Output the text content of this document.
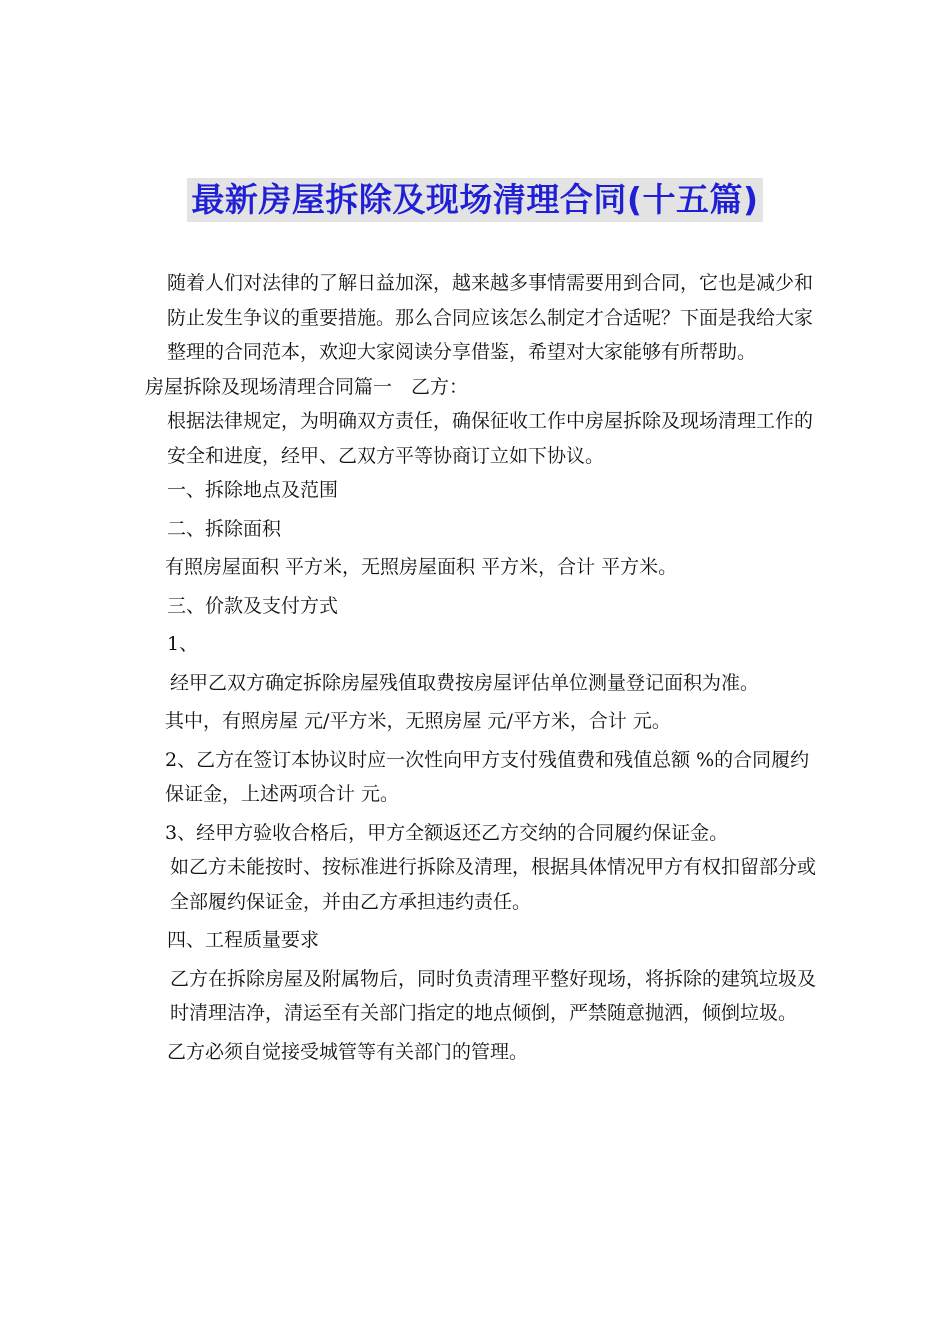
最新房屋拆除及现场清理合同(十五篇)

随着人们对法律的了解日益加深，越来越多事情需要用到合同，它也是减少和防止发生争议的重要措施。那么合同应该怎么制定才合适呢？下面是我给大家整理的合同范本，欢迎大家阅读分享借鉴，希望对大家能够有所帮助。

房屋拆除及现场清理合同篇一　乙方：

根据法律规定，为明确双方责任，确保征收工作中房屋拆除及现场清理工作的安全和进度，经甲、乙双方平等协商订立如下协议。

一、拆除地点及范围

二、拆除面积

有照房屋面积 平方米，无照房屋面积 平方米，合计 平方米。

三、价款及支付方式

1、

经甲乙双方确定拆除房屋残值取费按房屋评估单位测量登记面积为准。

其中，有照房屋 元/平方米，无照房屋 元/平方米，合计 元。

2、乙方在签订本协议时应一次性向甲方支付残值费和残值总额 %的合同履约保证金，上述两项合计 元。

3、经甲方验收合格后，甲方全额返还乙方交纳的合同履约保证金。

如乙方未能按时、按标准进行拆除及清理，根据具体情况甲方有权扣留部分或全部履约保证金，并由乙方承担违约责任。

四、工程质量要求

乙方在拆除房屋及附属物后，同时负责清理平整好现场，将拆除的建筑垃圾及时清理洁净，清运至有关部门指定的地点倾倒，严禁随意抛洒，倾倒垃圾。

乙方必须自觉接受城管等有关部门的管理。
